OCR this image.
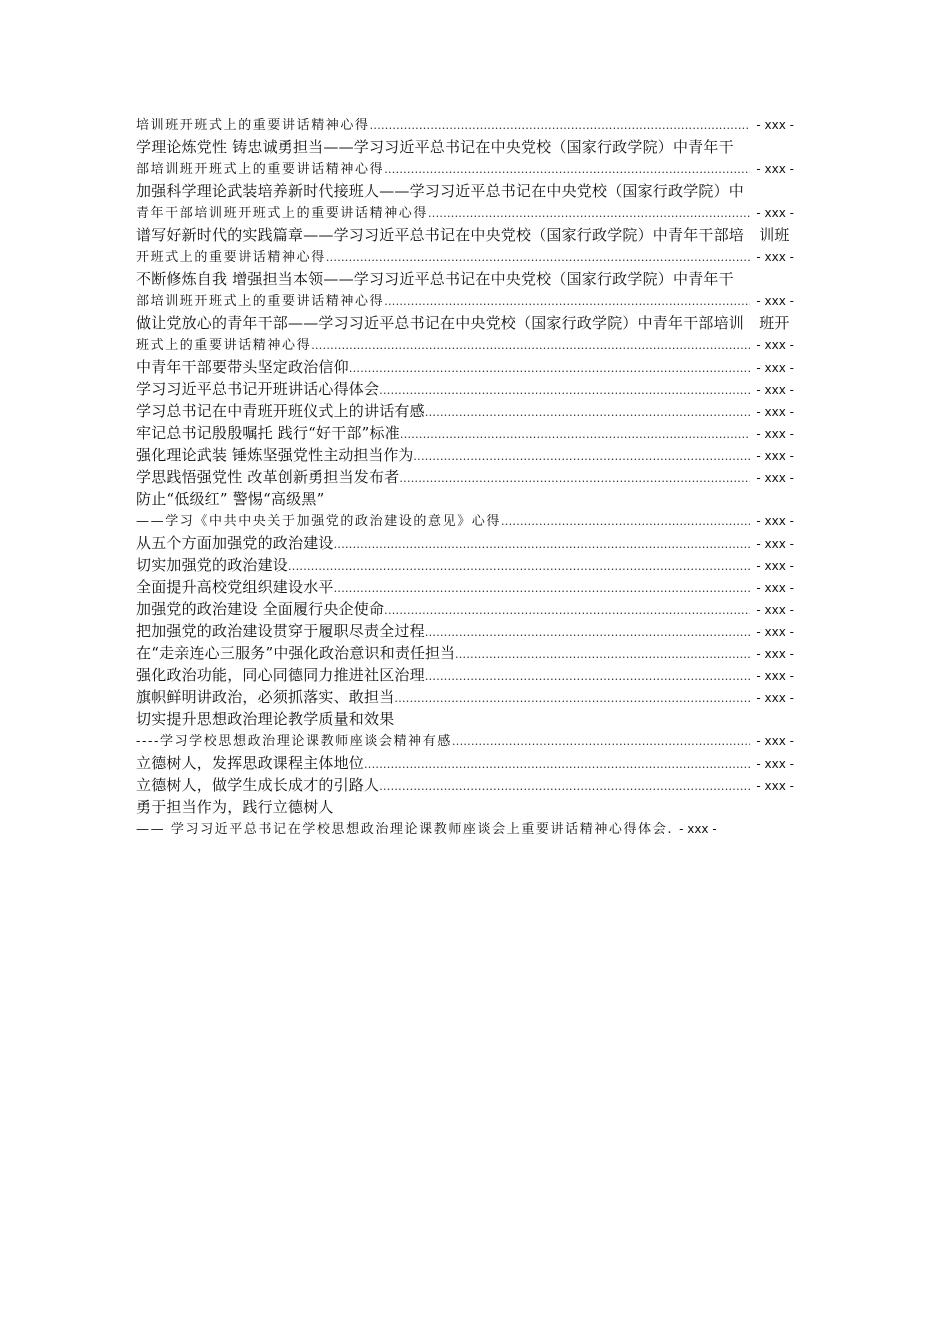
培训班开班式上的重要讲话精神心得 .....	- xxx -
学理论炼党性 铸忠诚勇担当——学习习近平总书记在中央党校（国家行政学院）中青年干
部培训班开班式上的重要讲话精神心得 .....	- xxx -
加强科学理论武装培养新时代接班人——学习习近平总书记在中央党校（国家行政学院）中
青年干部培训班开班式上的重要讲话精神心得 .....	- xxx -
谱写好新时代的实践篇章——学习习近平总书记在中央党校（国家行政学院）中青年干部培　训班
开班式上的重要讲话精神心得 .....	- xxx -
不断修炼自我 增强担当本领——学习习近平总书记在中央党校（国家行政学院）中青年干
部培训班开班式上的重要讲话精神心得 .....	- xxx -
做让党放心的青年干部——学习习近平总书记在中央党校（国家行政学院）中青年干部培训　班开
班式上的重要讲话精神心得 .....	- xxx -
中青年干部要带头坚定政治信仰 .....	- xxx -
学习习近平总书记开班讲话心得体会 .....	- xxx -
学习总书记在中青班开班仪式上的讲话有感 .....	- xxx -
牢记总书记殷殷嘱托 践行“好干部”标准 .....	- xxx -
强化理论武装 锤炼坚强党性 主动担当作为 .....	- xxx -
学思践悟强党性 改革创新勇担当发布者 .....	- xxx -
防止“低级红” 警惕“高级黑”
——学习《中共中央关于加强党的政治建设的意见》心得 .....	- xxx -
从五个方面加强党的政治建设 .....	- xxx -
切实加强党的政治建设 .....	- xxx -
全面提升高校党组织建设水平 .....	- xxx -
加强党的政治建设 全面履行央企使命 .....	- xxx -
把加强党的政治建设贯穿于履职尽责全过程 .....	- xxx -
在“走亲连心三服务”中强化政治意识和 责任担当 .....	- xxx -
强化政治功能，同心同德同力推进社区治理 .....	- xxx -
旗帜鲜明讲政治，必须抓落实、敢担当 .....	- xxx -
切实提升思想政治理论教学质量和效果
----学习学校思想政治理论课教师座谈会精神有感 .....	- xxx -
立德树人，发挥思政课程主体地位 .....	- xxx -
立德树人，做学生成长成才的引路人 .....	- xxx -
勇于担当作为，践行立德树人
—— 学习习近平总书记在学校思想政治理论课教师座谈会上重要讲话精神心得体会. - xxx -
